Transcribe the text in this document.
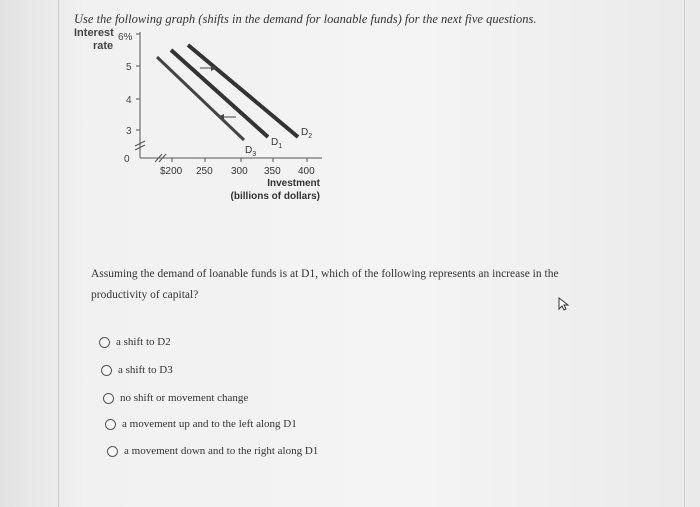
Use the following graph (shifts in the demand for loanable funds) for the next five questions.
Interest
rate
6%
5
4
3
0
$200 250 300 350 400
Investment
(billions of dollars)
$D_2$
$D_1$
$D_3$
Assuming the demand of loanable funds is at D1, which of the following represents an increase in the productivity of capital?
a shift to D2
a shift to D3
no shift or movement change
a movement up and to the left along D1
a movement down and to the right along D1
